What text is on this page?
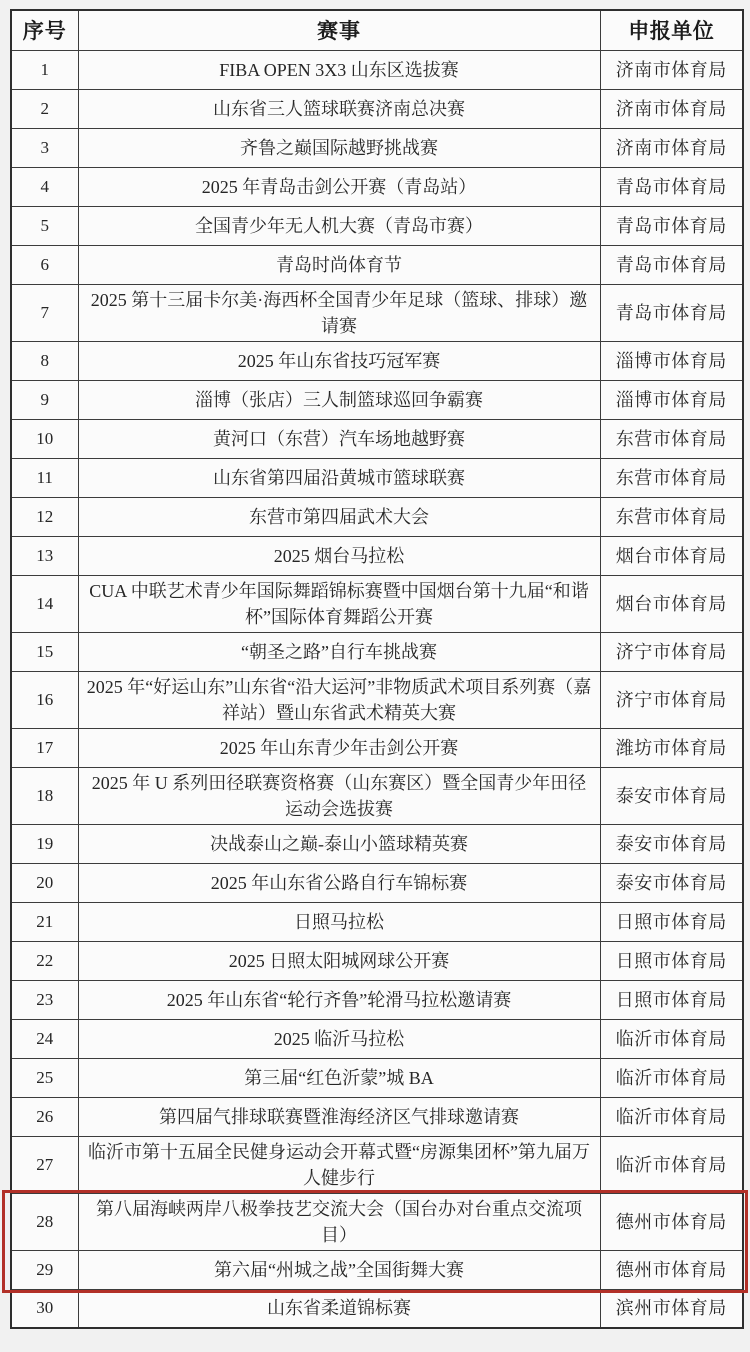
序号	赛事	申报单位
1	FIBA OPEN 3X3 山东区选拔赛	济南市体育局
2	山东省三人篮球联赛济南总决赛	济南市体育局
3	齐鲁之巅国际越野挑战赛	济南市体育局
4	2025 年青岛击剑公开赛（青岛站）	青岛市体育局
5	全国青少年无人机大赛（青岛市赛）	青岛市体育局
6	青岛时尚体育节	青岛市体育局
7	2025 第十三届卡尔美·海西杯全国青少年足球（篮球、排球）邀请赛	青岛市体育局
8	2025 年山东省技巧冠军赛	淄博市体育局
9	淄博（张店）三人制篮球巡回争霸赛	淄博市体育局
10	黄河口（东营）汽车场地越野赛	东营市体育局
11	山东省第四届沿黄城市篮球联赛	东营市体育局
12	东营市第四届武术大会	东营市体育局
13	2025 烟台马拉松	烟台市体育局
14	CUA 中联艺术青少年国际舞蹈锦标赛暨中国烟台第十九届“和谐杯”国际体育舞蹈公开赛	烟台市体育局
15	“朝圣之路”自行车挑战赛	济宁市体育局
16	2025 年“好运山东”山东省“沿大运河”非物质武术项目系列赛（嘉祥站）暨山东省武术精英大赛	济宁市体育局
17	2025 年山东青少年击剑公开赛	潍坊市体育局
18	2025 年 U 系列田径联赛资格赛（山东赛区）暨全国青少年田径运动会选拔赛	泰安市体育局
19	决战泰山之巅-泰山小篮球精英赛	泰安市体育局
20	2025 年山东省公路自行车锦标赛	泰安市体育局
21	日照马拉松	日照市体育局
22	2025 日照太阳城网球公开赛	日照市体育局
23	2025 年山东省“轮行齐鲁”轮滑马拉松邀请赛	日照市体育局
24	2025 临沂马拉松	临沂市体育局
25	第三届“红色沂蒙”城 BA	临沂市体育局
26	第四届气排球联赛暨淮海经济区气排球邀请赛	临沂市体育局
27	临沂市第十五届全民健身运动会开幕式暨“房源集团杯”第九届万人健步行	临沂市体育局
28	第八届海峡两岸八极拳技艺交流大会（国台办对台重点交流项目）	德州市体育局
29	第六届“州城之战”全国街舞大赛	德州市体育局
30	山东省柔道锦标赛	滨州市体育局
